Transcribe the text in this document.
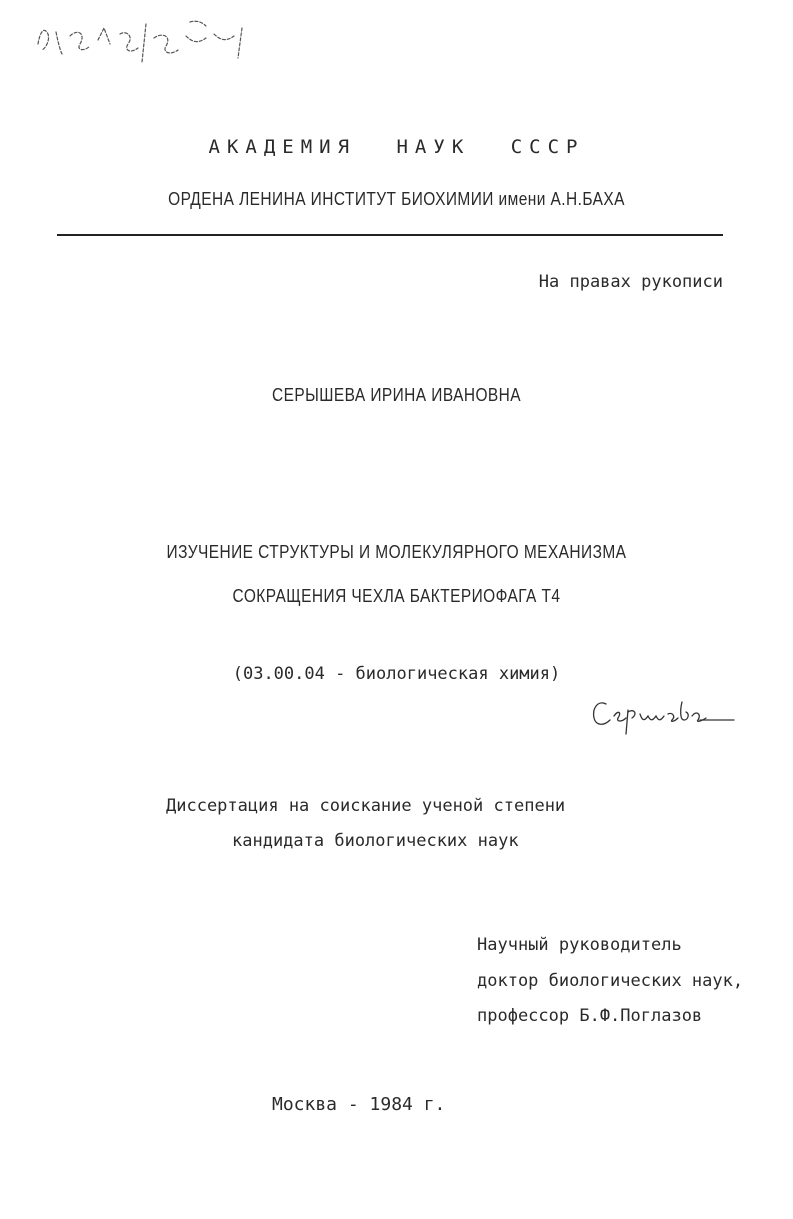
АКАДЕМИЯ НАУК СССР
ОРДЕНА ЛЕНИНА ИНСТИТУТ БИОХИМИИ имени А.Н.БАХА
На правах рукописи
СЕРЫШЕВА ИРИНА ИВАНОВНА
ИЗУЧЕНИЕ СТРУКТУРЫ И МОЛЕКУЛЯРНОГО МЕХАНИЗМА
СОКРАЩЕНИЯ ЧЕХЛА БАКТЕРИОФАГА Т4
(03.00.04 - биологическая химия)
Диссертация на соискание ученой степени
кандидата биологических наук
Научный руководитель
доктор биологических наук,
профессор Б.Ф.Поглазов
Москва - 1984 г.
